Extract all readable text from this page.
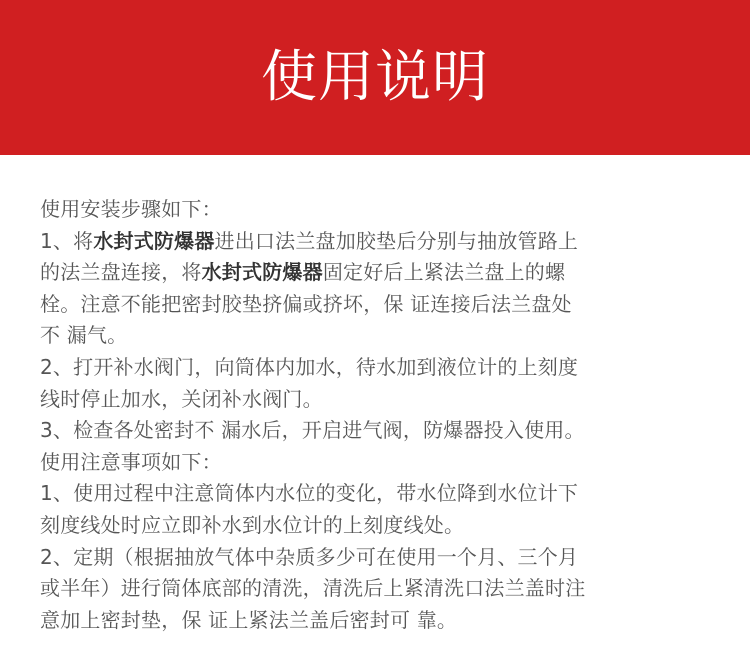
使用说明
使用安装步骤如下：
1、将水封式防爆器进出口法兰盘加胶垫后分别与抽放管路上
的法兰盘连接，将水封式防爆器固定好后上紧法兰盘上的螺
栓。注意不能把密封胶垫挤偏或挤坏，保 证连接后法兰盘处
不 漏气。
2、打开补水阀门，向筒体内加水，待水加到液位计的上刻度
线时停止加水，关闭补水阀门。
3、检查各处密封不 漏水后，开启进气阀，防爆器投入使用。
使用注意事项如下：
1、使用过程中注意筒体内水位的变化，带水位降到水位计下
刻度线处时应立即补水到水位计的上刻度线处。
2、定期（根据抽放气体中杂质多少可在使用一个月、三个月
或半年）进行筒体底部的清洗，清洗后上紧清洗口法兰盖时注
意加上密封垫，保 证上紧法兰盖后密封可 靠。
